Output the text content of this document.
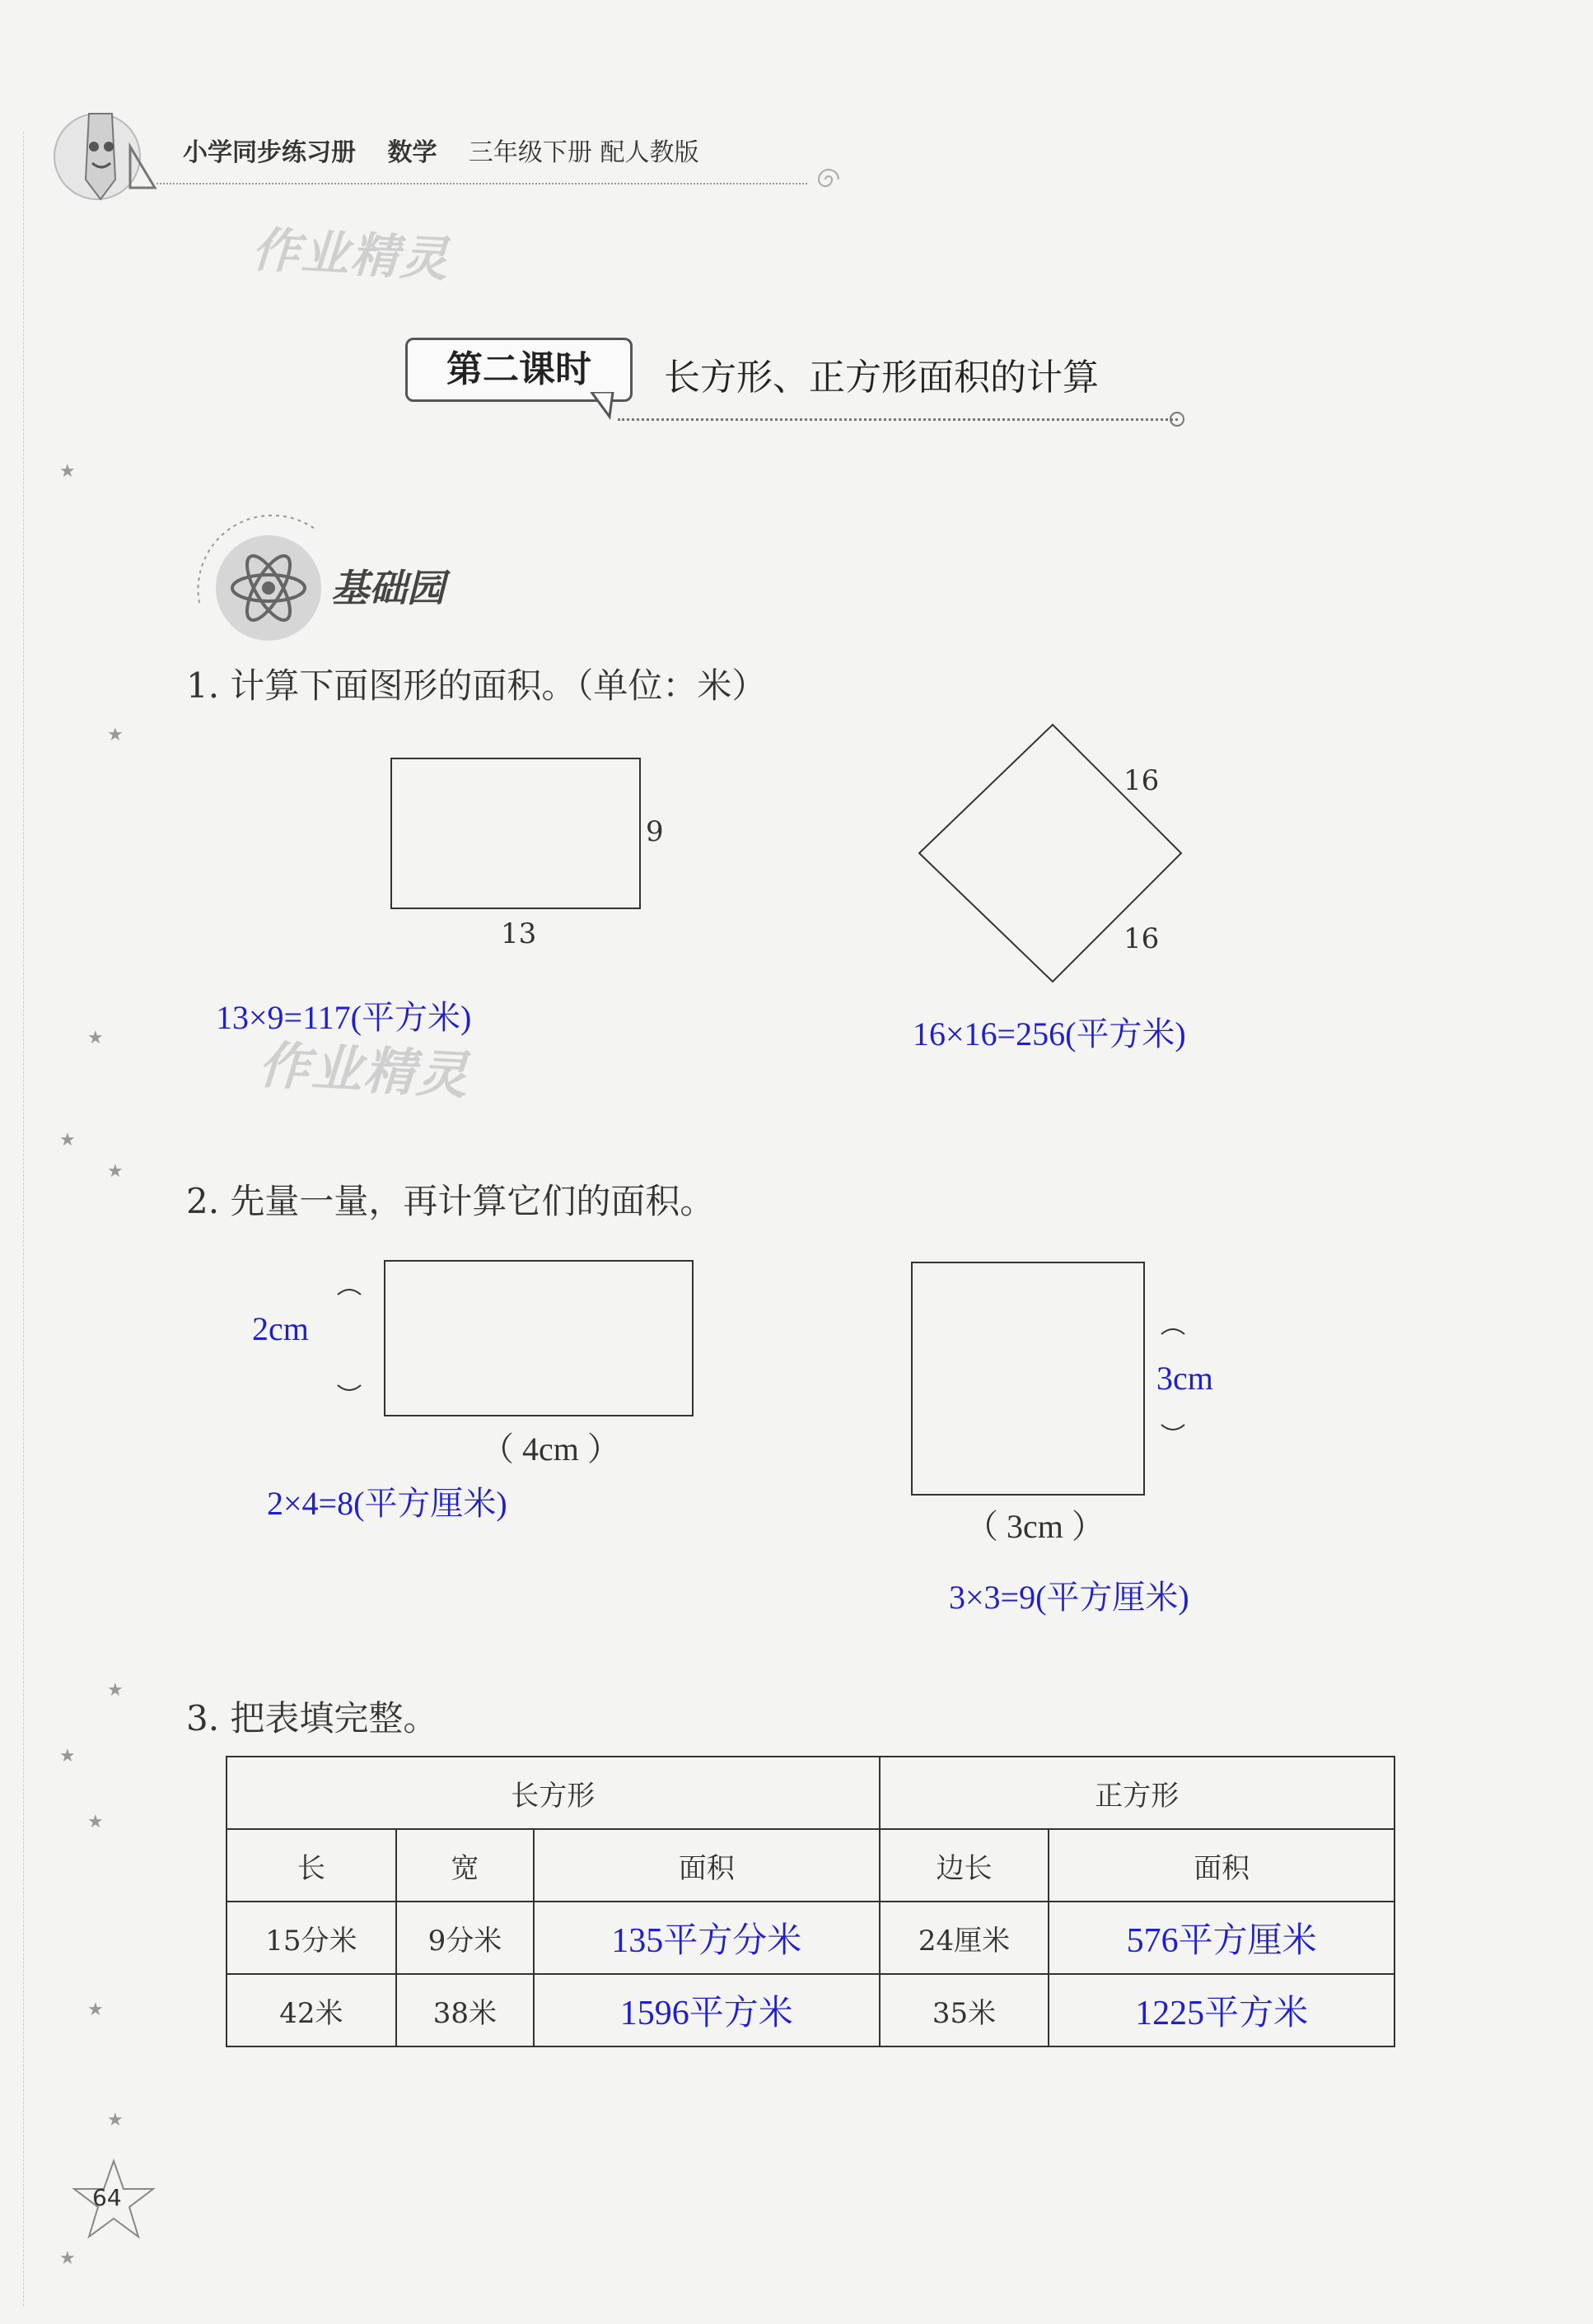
★
★
★
★
★
★
★
★
★
★
★
小学同步练习册 数学 三年级下册 配人教版
作业精灵
作业精灵
第二课时	长方形、正方形面积的计算
基础园
1. 计算下面图形的面积。（单位：米）
9
13
13×9=117(平方米)
16
16
16×16=256(平方米)
2. 先量一量，再计算它们的面积。
2cm
（ 4cm ）
2×4=8(平方厘米)
3cm
（ 3cm ）
3×3=9(平方厘米)
3. 把表填完整。
长方形			正方形	
长	宽	面积	边长	面积
15分米	9分米	135平方分米	24厘米	576平方厘米
42米	38米	1596平方米	35米	1225平方米
64
